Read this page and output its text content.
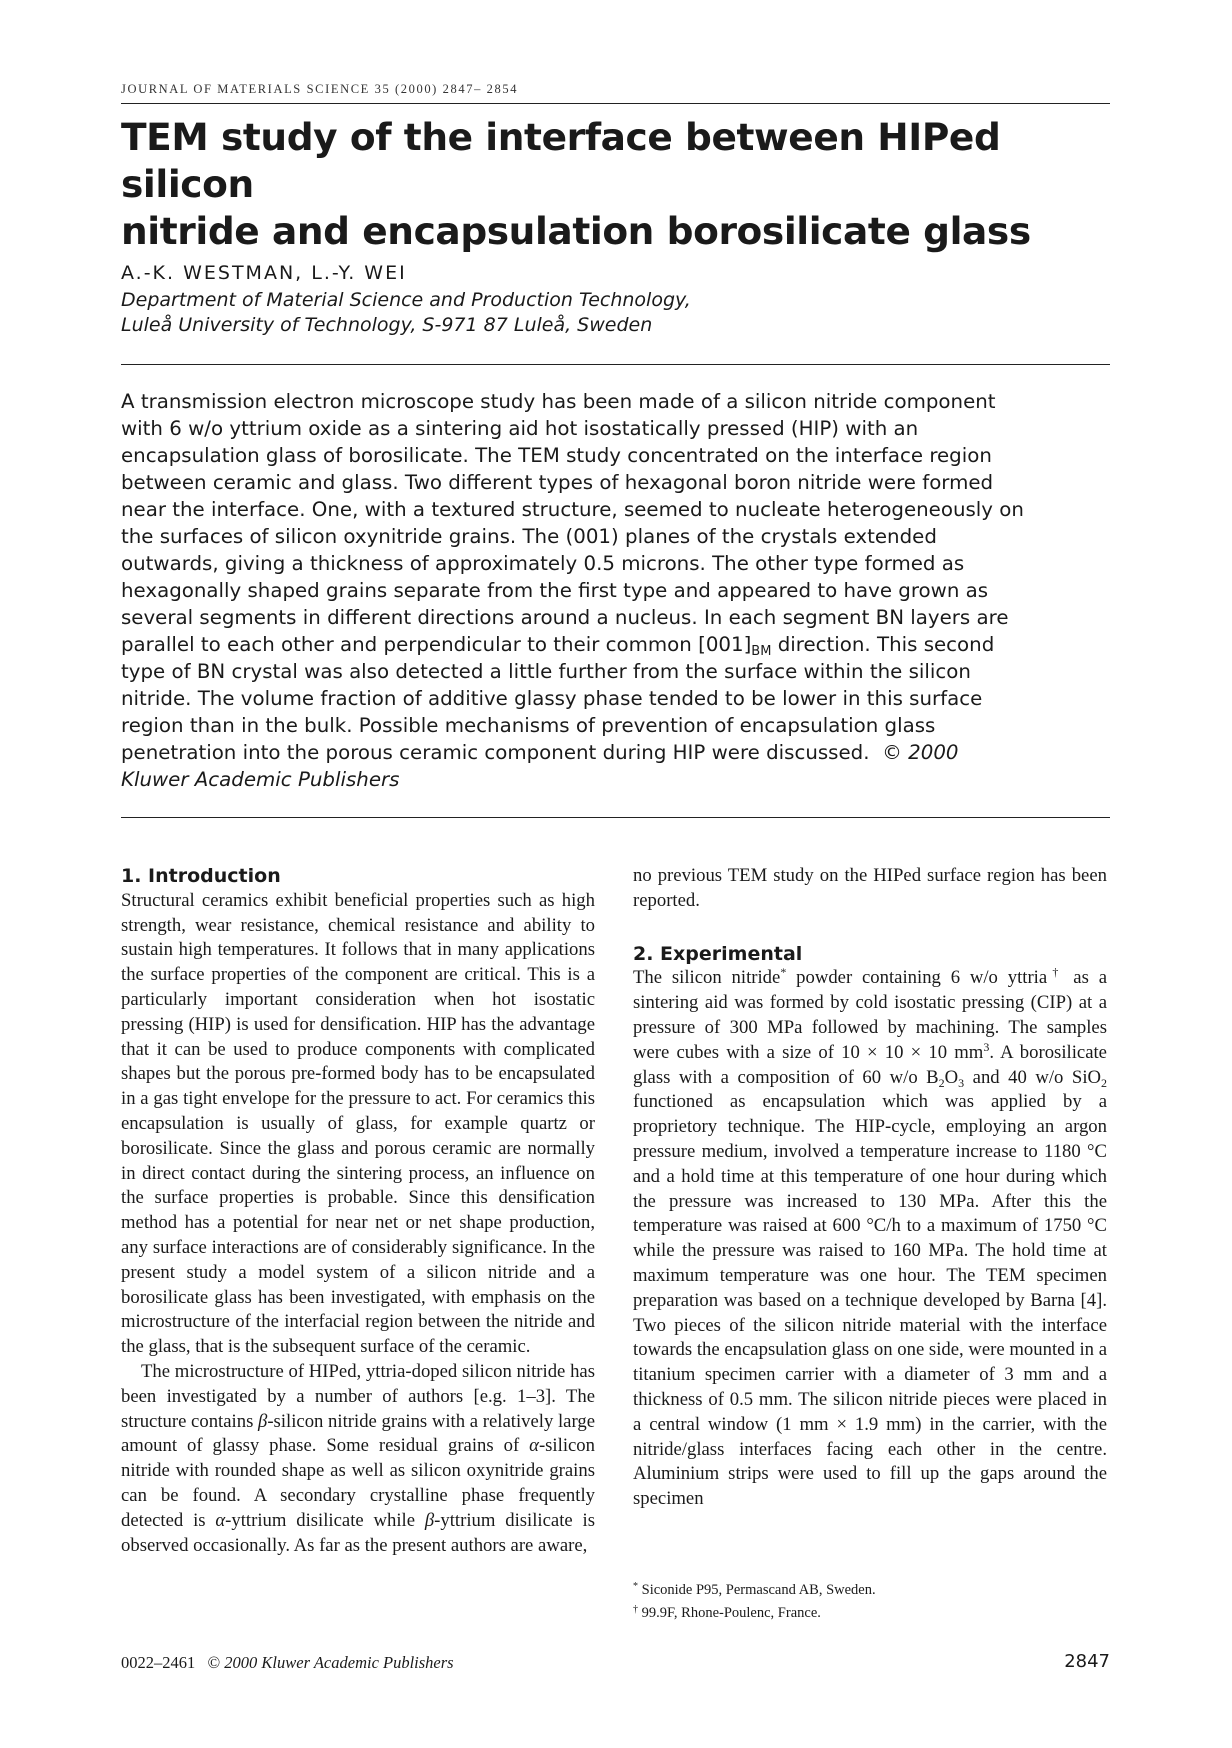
JOURNAL OF MATERIALS SCIENCE 35 (2000) 2847– 2854
TEM study of the interface between HIPed silicon
nitride and encapsulation borosilicate glass
A.-K. WESTMAN, L.-Y. WEI
Department of Material Science and Production Technology,
Luleå University of Technology, S-971 87 Luleå, Sweden
A transmission electron microscope study has been made of a silicon nitride component
with 6 w/o yttrium oxide as a sintering aid hot isostatically pressed (HIP) with an
encapsulation glass of borosilicate. The TEM study concentrated on the interface region
between ceramic and glass. Two different types of hexagonal boron nitride were formed
near the interface. One, with a textured structure, seemed to nucleate heterogeneously on
the surfaces of silicon oxynitride grains. The (001) planes of the crystals extended
outwards, giving a thickness of approximately 0.5 microns. The other type formed as
hexagonally shaped grains separate from the first type and appeared to have grown as
several segments in different directions around a nucleus. In each segment BN layers are
parallel to each other and perpendicular to their common $[001]_{BM}$ direction. This second
type of BN crystal was also detected a little further from the surface within the silicon
nitride. The volume fraction of additive glassy phase tended to be lower in this surface
region than in the bulk. Possible mechanisms of prevention of encapsulation glass
penetration into the porous ceramic component during HIP were discussed. © 2000
Kluwer Academic Publishers
1. Introduction

Structural ceramics exhibit beneficial properties such as high strength, wear resistance, chemical resistance and ability to sustain high temperatures. It follows that in many applications the surface properties of the component are critical. This is a particularly important consideration when hot isostatic pressing (HIP) is used for densification. HIP has the advantage that it can be used to produce components with complicated shapes but the porous pre-formed body has to be encapsulated in a gas tight envelope for the pressure to act. For ceramics this encapsulation is usually of glass, for example quartz or borosilicate. Since the glass and porous ceramic are normally in direct contact during the sintering process, an influence on the surface properties is probable. Since this densification method has a potential for near net or net shape production, any surface interactions are of considerably significance. In the present study a model system of a silicon nitride and a borosilicate glass has been investigated, with emphasis on the microstructure of the interfacial region between the nitride and the glass, that is the subsequent surface of the ceramic.

The microstructure of HIPed, yttria-doped silicon nitride has been investigated by a number of authors [e.g. 1–3]. The structure contains β-silicon nitride grains with a relatively large amount of glassy phase. Some residual grains of α-silicon nitride with rounded shape as well as silicon oxynitride grains can be found. A secondary crystalline phase frequently detected is α-yttrium disilicate while β-yttrium disilicate is observed occasionally. As far as the present authors are aware,

no previous TEM study on the HIPed surface region has been reported.

2. Experimental

The silicon nitride* powder containing 6 w/o yttria† as a sintering aid was formed by cold isostatic pressing (CIP) at a pressure of 300 MPa followed by machining. The samples were cubes with a size of 10 × 10 × 10 $mm^3$. A borosilicate glass with a composition of 60 w/o $B_2O_3$ and 40 w/o SiO$_2$ functioned as encapsulation which was applied by a proprietory technique. The HIP-cycle, employing an argon pressure medium, involved a temperature increase to 1180 °C and a hold time at this temperature of one hour during which the pressure was increased to 130 MPa. After this the temperature was raised at 600 °C/h to a maximum of 1750 °C while the pressure was raised to 160 MPa. The hold time at maximum temperature was one hour. The TEM specimen preparation was based on a technique developed by Barna [4]. Two pieces of the silicon nitride material with the interface towards the encapsulation glass on one side, were mounted in a titanium specimen carrier with a diameter of 3 mm and a thickness of 0.5 mm. The silicon nitride pieces were placed in a central window (1 mm × 1.9 mm) in the carrier, with the nitride/glass interfaces facing each other in the centre. Aluminium strips were used to fill up the gaps around the specimen

* Siconide P95, Permascand AB, Sweden.
† 99.9F, Rhone-Poulenc, France.
0022–2461 © 2000 Kluwer Academic Publishers	2847
